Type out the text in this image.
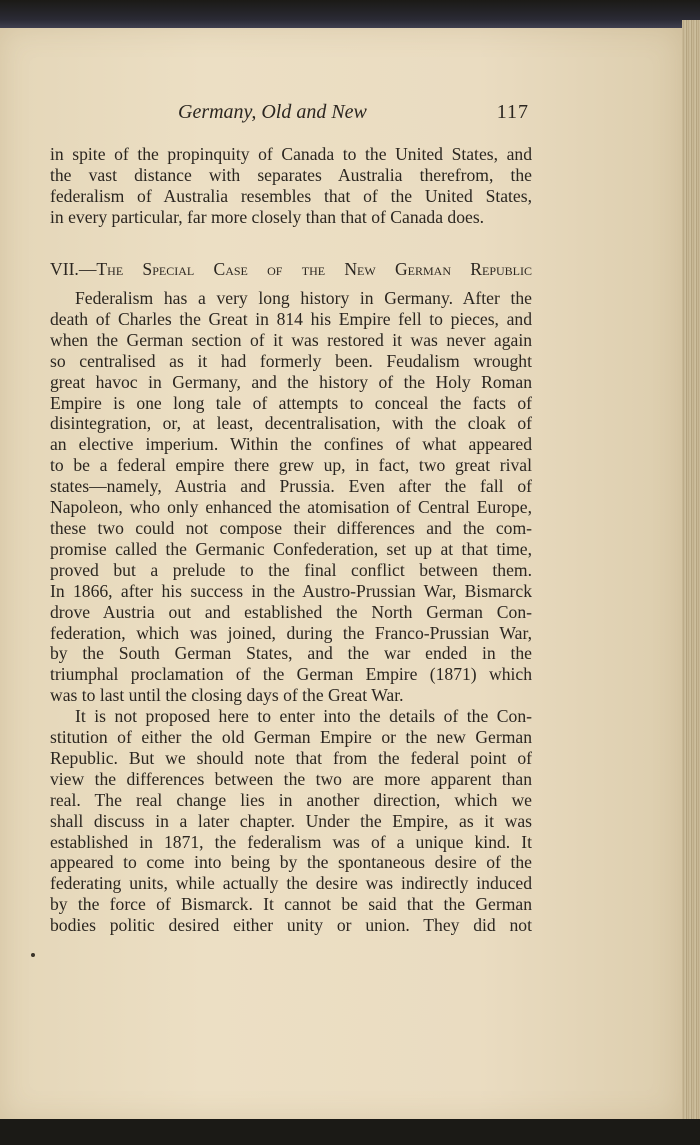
Germany, Old and New	117
in spite of the propinquity of Canada to the United States, and
the vast distance with separates Australia therefrom, the
federalism of Australia resembles that of the United States,
in every particular, far more closely than that of Canada does.
VII.—The Special Case of the New German Republic
Federalism has a very long history in Germany. After the
death of Charles the Great in 814 his Empire fell to pieces, and
when the German section of it was restored it was never again
so centralised as it had formerly been. Feudalism wrought
great havoc in Germany, and the history of the Holy Roman
Empire is one long tale of attempts to conceal the facts of
disintegration, or, at least, decentralisation, with the cloak of
an elective imperium. Within the confines of what appeared
to be a federal empire there grew up, in fact, two great rival
states—namely, Austria and Prussia. Even after the fall of
Napoleon, who only enhanced the atomisation of Central Europe,
these two could not compose their differences and the com-
promise called the Germanic Confederation, set up at that time,
proved but a prelude to the final conflict between them.
In 1866, after his success in the Austro-Prussian War, Bismarck
drove Austria out and established the North German Con-
federation, which was joined, during the Franco-Prussian War,
by the South German States, and the war ended in the
triumphal proclamation of the German Empire (1871) which
was to last until the closing days of the Great War.
It is not proposed here to enter into the details of the Con-
stitution of either the old German Empire or the new German
Republic. But we should note that from the federal point of
view the differences between the two are more apparent than
real. The real change lies in another direction, which we
shall discuss in a later chapter. Under the Empire, as it was
established in 1871, the federalism was of a unique kind. It
appeared to come into being by the spontaneous desire of the
federating units, while actually the desire was indirectly induced
by the force of Bismarck. It cannot be said that the German
bodies politic desired either unity or union. They did not
